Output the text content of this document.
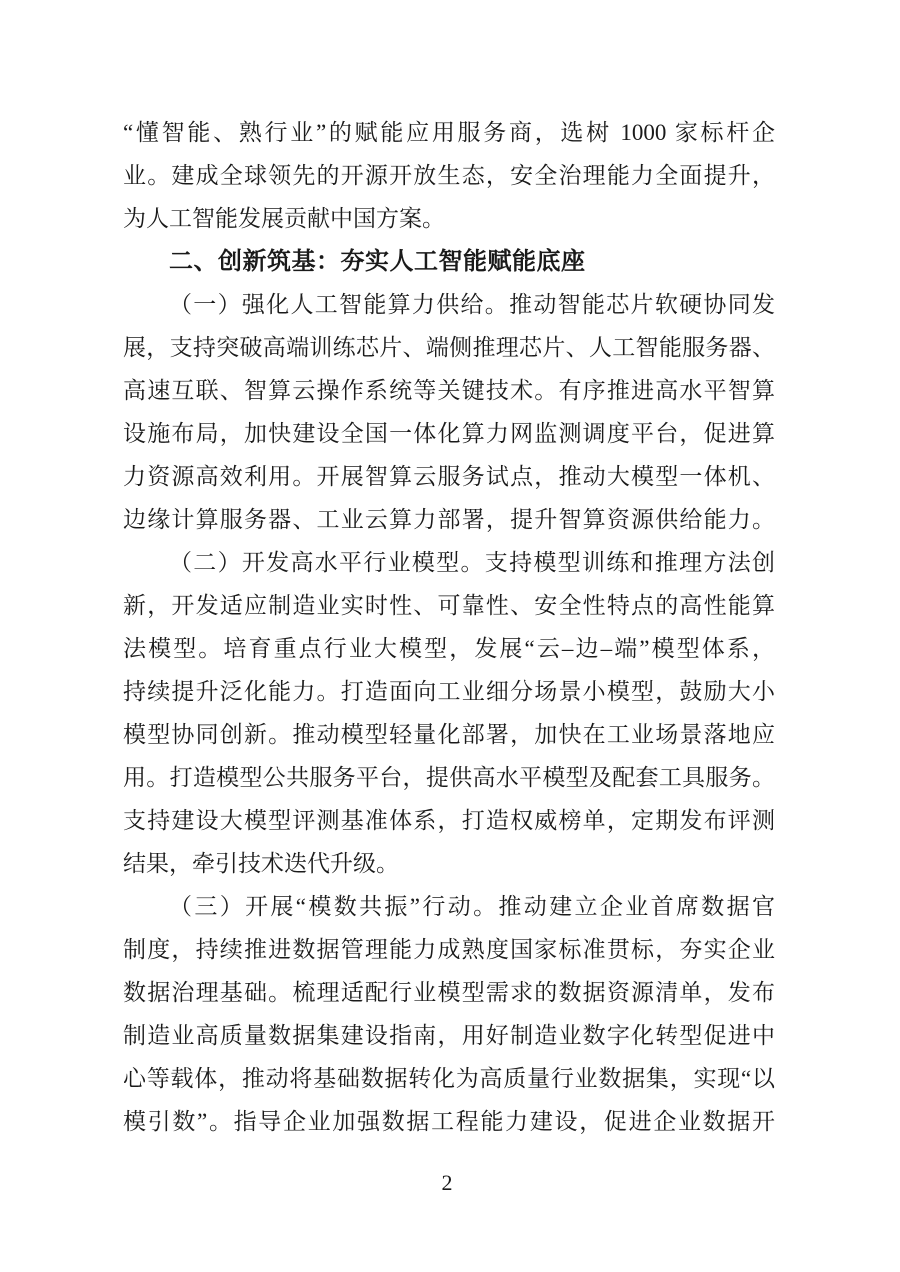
“懂智能、熟行业”的赋能应用服务商，选树 1000 家标杆企
业。建成全球领先的开源开放生态，安全治理能力全面提升，
为人工智能发展贡献中国方案。
二、创新筑基：夯实人工智能赋能底座
（一）强化人工智能算力供给。推动智能芯片软硬协同发
展，支持突破高端训练芯片、端侧推理芯片、人工智能服务器、
高速互联、智算云操作系统等关键技术。有序推进高水平智算
设施布局，加快建设全国一体化算力网监测调度平台，促进算
力资源高效利用。开展智算云服务试点，推动大模型一体机、
边缘计算服务器、工业云算力部署，提升智算资源供给能力。
（二）开发高水平行业模型。支持模型训练和推理方法创
新，开发适应制造业实时性、可靠性、安全性特点的高性能算
法模型。培育重点行业大模型，发展“云–边–端”模型体系，
持续提升泛化能力。打造面向工业细分场景小模型，鼓励大小
模型协同创新。推动模型轻量化部署，加快在工业场景落地应
用。打造模型公共服务平台，提供高水平模型及配套工具服务。
支持建设大模型评测基准体系，打造权威榜单，定期发布评测
结果，牵引技术迭代升级。
（三）开展“模数共振”行动。推动建立企业首席数据官
制度，持续推进数据管理能力成熟度国家标准贯标，夯实企业
数据治理基础。梳理适配行业模型需求的数据资源清单，发布
制造业高质量数据集建设指南，用好制造业数字化转型促进中
心等载体，推动将基础数据转化为高质量行业数据集，实现“以
模引数”。指导企业加强数据工程能力建设，促进企业数据开
2
